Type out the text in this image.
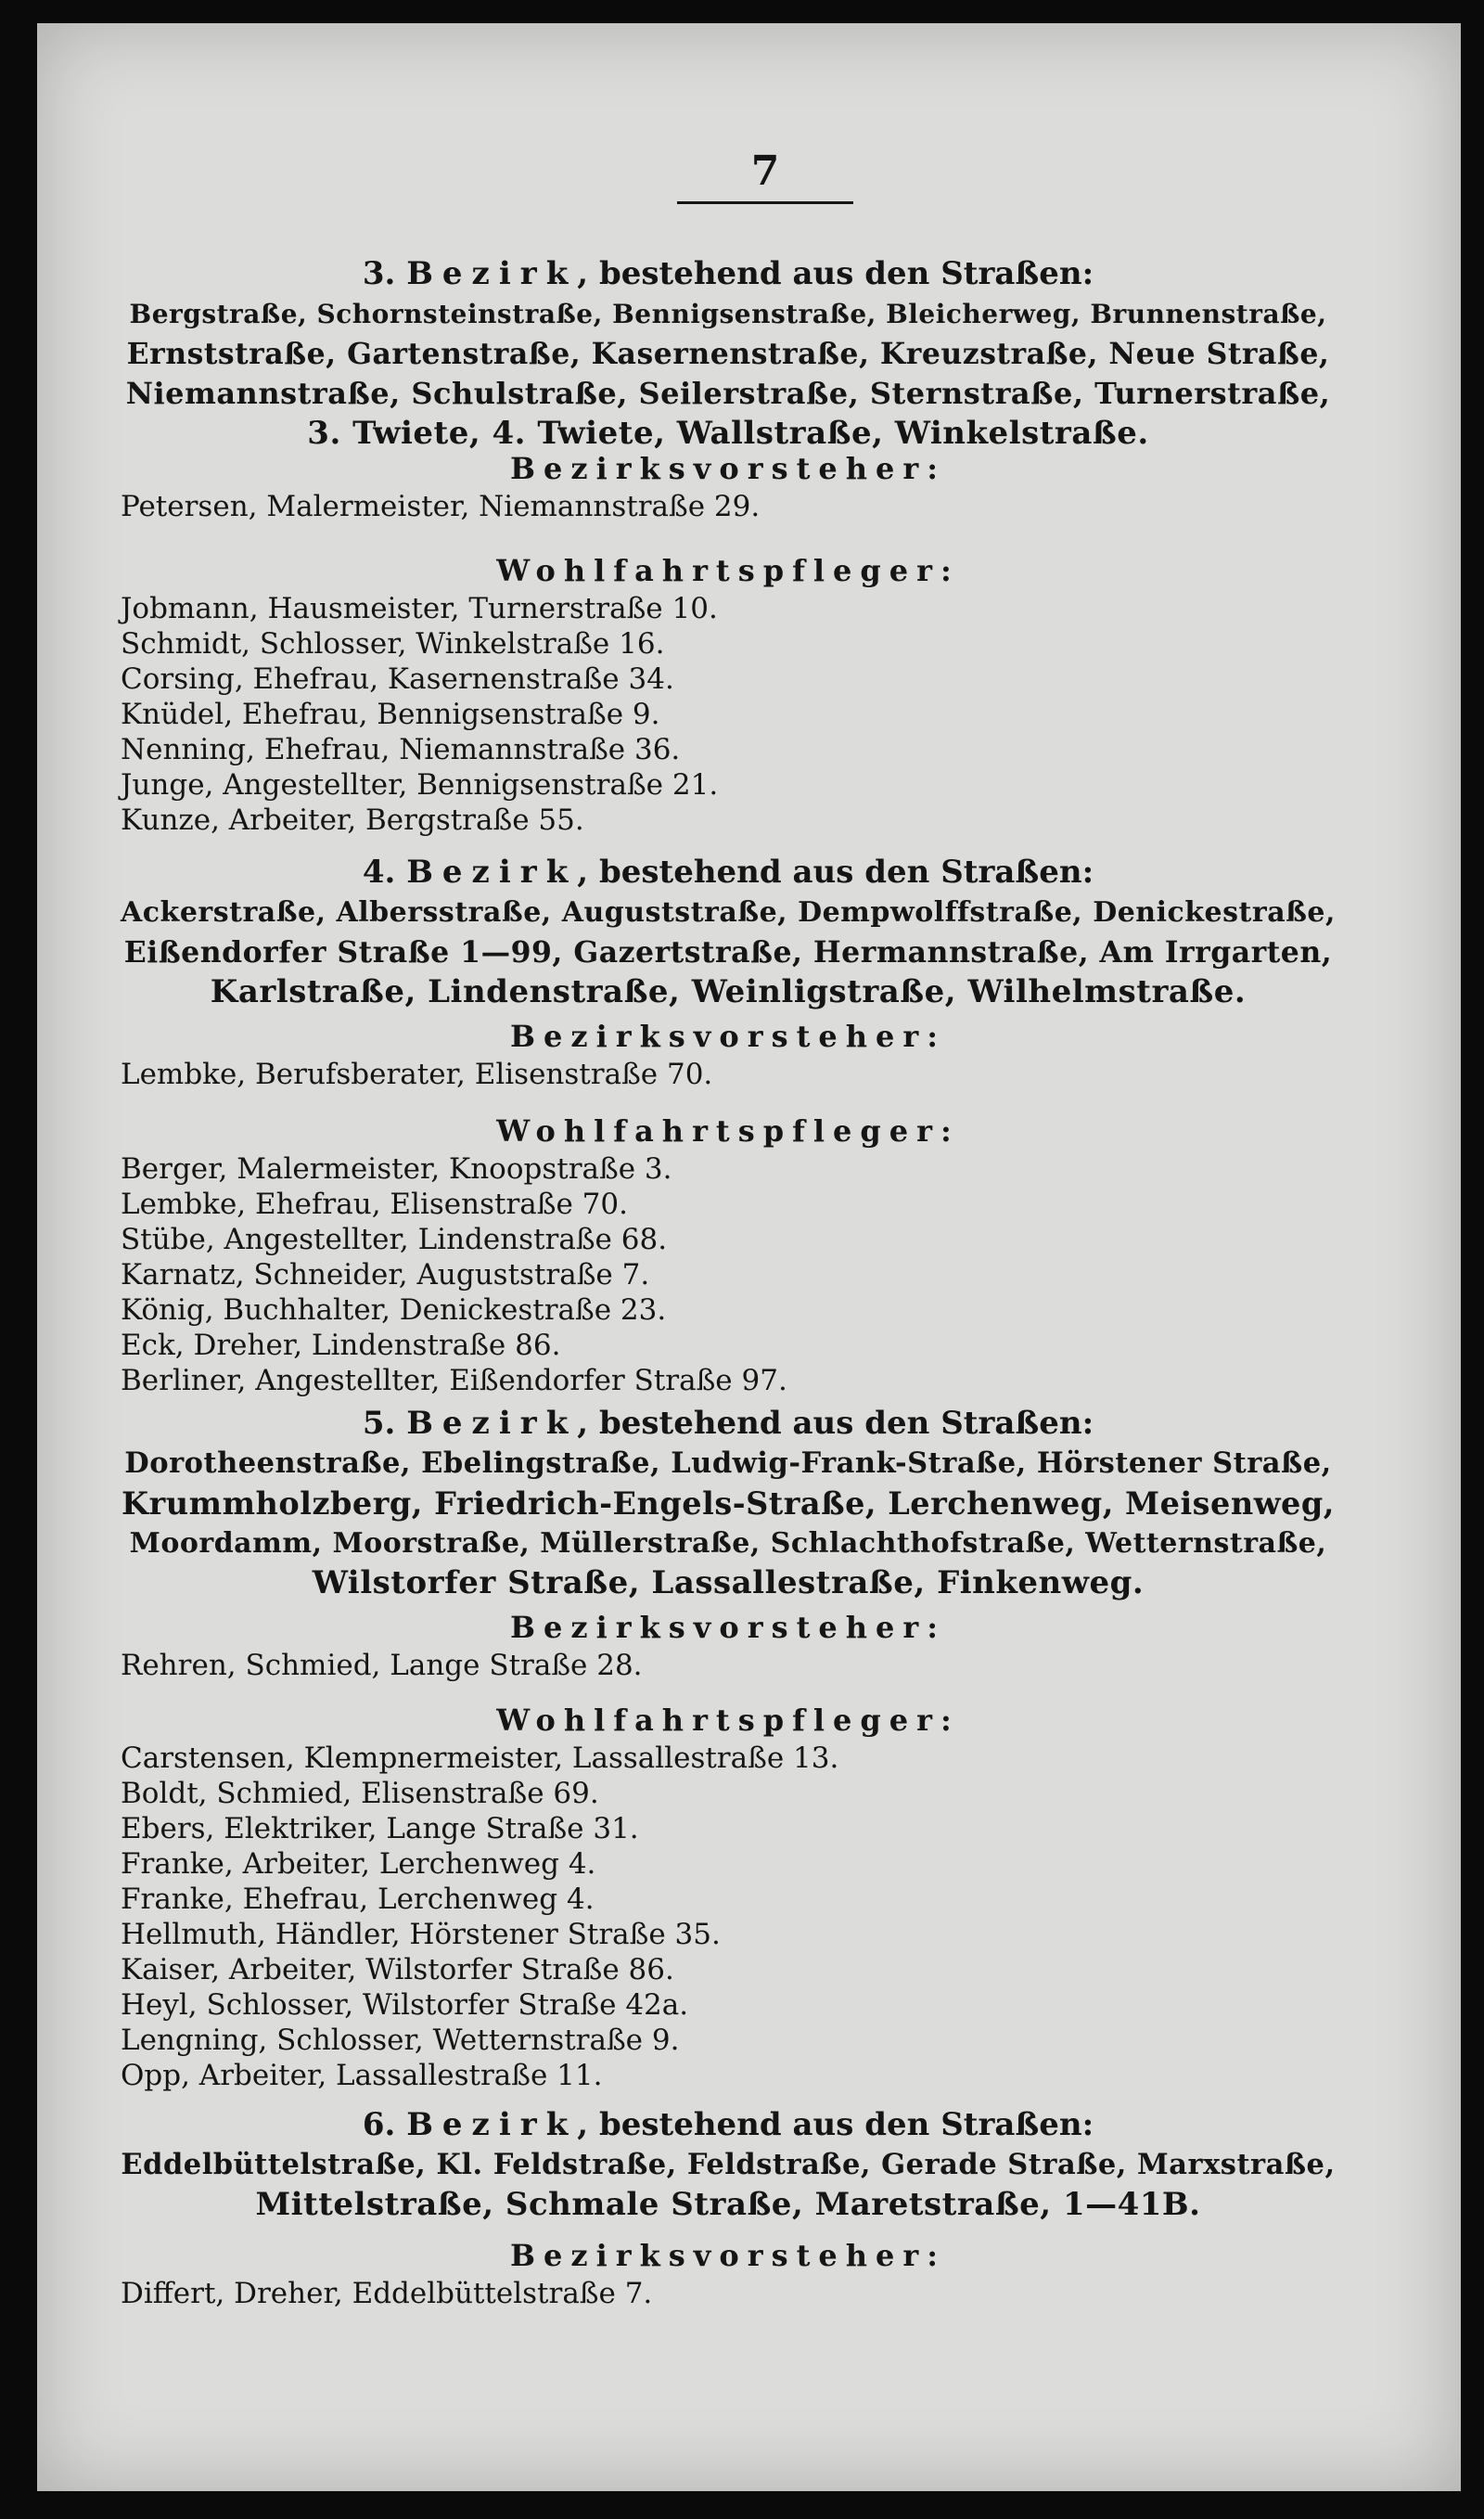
7
3. Bezirk, bestehend aus den Straßen:
Bergstraße, Schornsteinstraße, Bennigsenstraße, Bleicherweg, Brunnenstraße,
Ernststraße, Gartenstraße, Kasernenstraße, Kreuzstraße, Neue Straße,
Niemannstraße, Schulstraße, Seilerstraße, Sternstraße, Turnerstraße,
3. Twiete, 4. Twiete, Wallstraße, Winkelstraße.
Bezirksvorsteher:
Petersen, Malermeister, Niemannstraße 29.
Wohlfahrtspfleger:
Jobmann, Hausmeister, Turnerstraße 10.
Schmidt, Schlosser, Winkelstraße 16.
Corsing, Ehefrau, Kasernenstraße 34.
Knüdel, Ehefrau, Bennigsenstraße 9.
Nenning, Ehefrau, Niemannstraße 36.
Junge, Angestellter, Bennigsenstraße 21.
Kunze, Arbeiter, Bergstraße 55.
4. Bezirk, bestehend aus den Straßen:
Ackerstraße, Albersstraße, Auguststraße, Dempwolffstraße, Denickestraße,
Eißendorfer Straße 1—99, Gazertstraße, Hermannstraße, Am Irrgarten,
Karlstraße, Lindenstraße, Weinligstraße, Wilhelmstraße.
Bezirksvorsteher:
Lembke, Berufsberater, Elisenstraße 70.
Wohlfahrtspfleger:
Berger, Malermeister, Knoopstraße 3.
Lembke, Ehefrau, Elisenstraße 70.
Stübe, Angestellter, Lindenstraße 68.
Karnatz, Schneider, Auguststraße 7.
König, Buchhalter, Denickestraße 23.
Eck, Dreher, Lindenstraße 86.
Berliner, Angestellter, Eißendorfer Straße 97.
5. Bezirk, bestehend aus den Straßen:
Dorotheenstraße, Ebelingstraße, Ludwig-Frank-Straße, Hörstener Straße,
Krummholzberg, Friedrich-Engels-Straße, Lerchenweg, Meisenweg,
Moordamm, Moorstraße, Müllerstraße, Schlachthofstraße, Wetternstraße,
Wilstorfer Straße, Lassallestraße, Finkenweg.
Bezirksvorsteher:
Rehren, Schmied, Lange Straße 28.
Wohlfahrtspfleger:
Carstensen, Klempnermeister, Lassallestraße 13.
Boldt, Schmied, Elisenstraße 69.
Ebers, Elektriker, Lange Straße 31.
Franke, Arbeiter, Lerchenweg 4.
Franke, Ehefrau, Lerchenweg 4.
Hellmuth, Händler, Hörstener Straße 35.
Kaiser, Arbeiter, Wilstorfer Straße 86.
Heyl, Schlosser, Wilstorfer Straße 42a.
Lengning, Schlosser, Wetternstraße 9.
Opp, Arbeiter, Lassallestraße 11.
6. Bezirk, bestehend aus den Straßen:
Eddelbüttelstraße, Kl. Feldstraße, Feldstraße, Gerade Straße, Marxstraße,
Mittelstraße, Schmale Straße, Maretstraße, 1—41B.
Bezirksvorsteher:
Differt, Dreher, Eddelbüttelstraße 7.
